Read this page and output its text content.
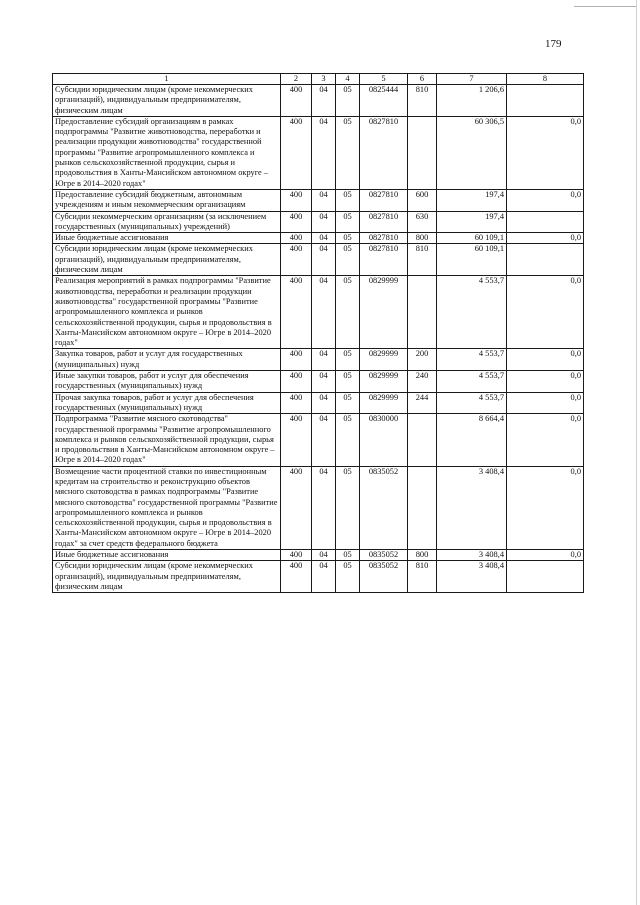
179
1	2	3	4	5	6	7	8
Субсидии юридическим лицам (кроме некоммерческих организаций), индивидуальным предпринимателям, физическим лицам	400	04	05	0825444	810	1 206,6	
Предоставление субсидий организациям в рамках подпрограммы "Развитие животноводства, переработки и реализации продукции животноводства" государственной программы "Развитие агропромышленного комплекса и рынков сельскохозяйственной продукции, сырья и продовольствия в Ханты-Мансийском автономном округе – Югре в 2014–2020 годах"	400	04	05	0827810		60 306,5	0,0
Предоставление субсидий бюджетным, автономным учреждениям и иным некоммерческим организациям	400	04	05	0827810	600	197,4	0,0
Субсидии некоммерческим организациям (за исключением государственных (муниципальных) учреждений)	400	04	05	0827810	630	197,4	
Иные бюджетные ассигнования	400	04	05	0827810	800	60 109,1	0,0
Субсидии юридическим лицам (кроме некоммерческих организаций), индивидуальным предпринимателям, физическим лицам	400	04	05	0827810	810	60 109,1	
Реализация мероприятий в рамках подпрограммы "Развитие животноводства, переработки и реализации продукции животноводства" государственной программы "Развитие агропромышленного комплекса и рынков сельскохозяйственной продукции, сырья и продовольствия в Ханты-Мансийском автономном округе – Югре в 2014–2020 годах"	400	04	05	0829999		4 553,7	0,0
Закупка товаров, работ и услуг для государственных (муниципальных) нужд	400	04	05	0829999	200	4 553,7	0,0
Иные закупки товаров, работ и услуг для обеспечения государственных (муниципальных) нужд	400	04	05	0829999	240	4 553,7	0,0
Прочая закупка товаров, работ и услуг для обеспечения государственных (муниципальных) нужд	400	04	05	0829999	244	4 553,7	0,0
Подпрограмма "Развитие мясного скотоводства" государственной программы "Развитие агропромышленного комплекса и рынков сельскохозяйственной продукции, сырья и продовольствия в Ханты-Мансийском автономном округе – Югре в 2014–2020 годах"	400	04	05	0830000		8 664,4	0,0
Возмещение части процентной ставки по инвестиционным кредитам на строительство и реконструкцию объектов мясного скотоводства в рамках подпрограммы "Развитие мясного скотоводства" государственной программы "Развитие агропромышленного комплекса и рынков сельскохозяйственной продукции, сырья и продовольствия в Ханты-Мансийском автономном округе – Югре в 2014–2020 годах" за счет средств федерального бюджета	400	04	05	0835052		3 408,4	0,0
Иные бюджетные ассигнования	400	04	05	0835052	800	3 408,4	0,0
Субсидии юридическим лицам (кроме некоммерческих организаций), индивидуальным предпринимателям, физическим лицам	400	04	05	0835052	810	3 408,4	
